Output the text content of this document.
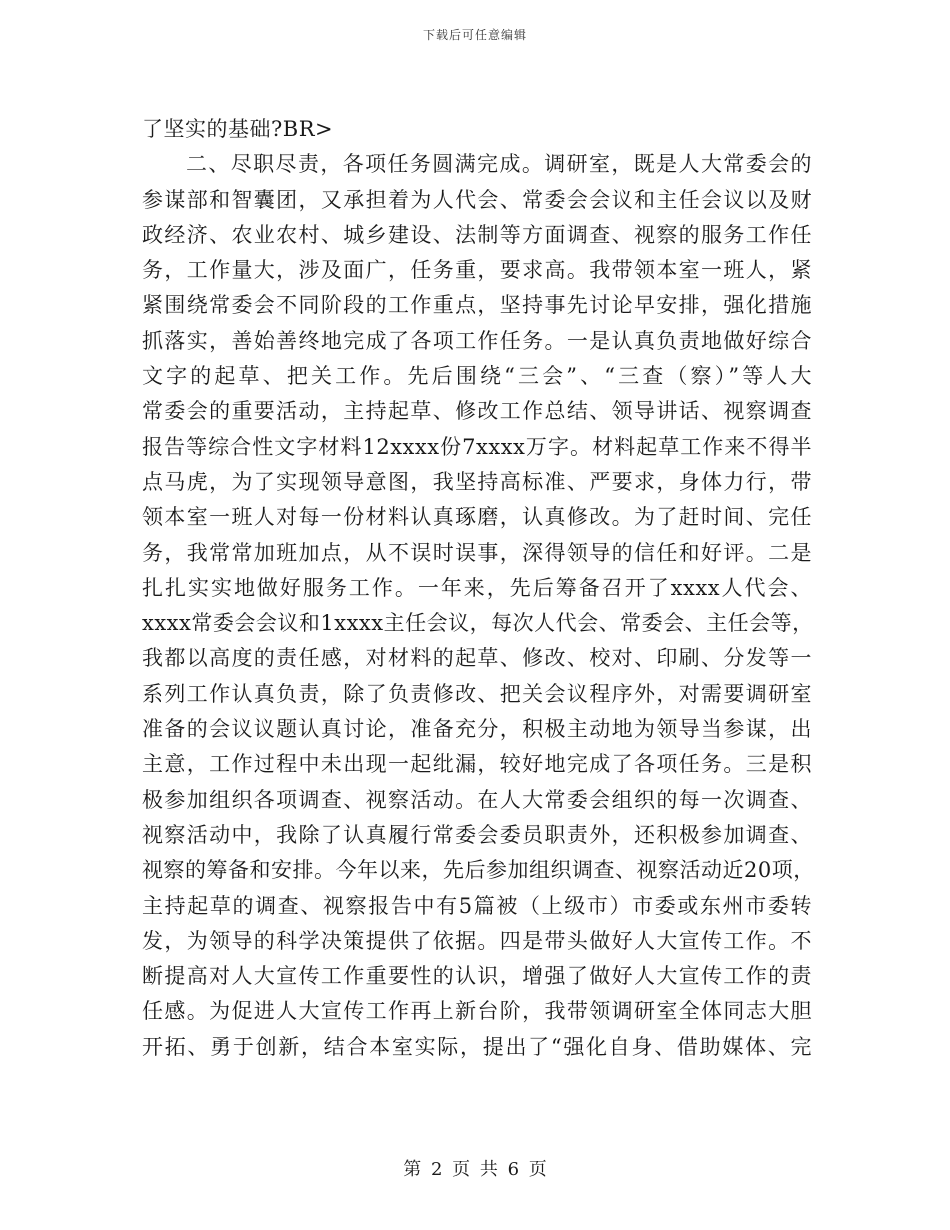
下载后可任意编辑
了坚实的基础?BR>
二、尽职尽责，各项任务圆满完成。调研室，既是人大常委会的
参谋部和智囊团，又承担着为人代会、常委会会议和主任会议以及财
政经济、农业农村、城乡建设、法制等方面调查、视察的服务工作任
务，工作量大，涉及面广，任务重，要求高。我带领本室一班人，紧
紧围绕常委会不同阶段的工作重点，坚持事先讨论早安排，强化措施
抓落实，善始善终地完成了各项工作任务。一是认真负责地做好综合
文字的起草、把关工作。先后围绕“三会”、“三查（察）”等人大
常委会的重要活动，主持起草、修改工作总结、领导讲话、视察调查
报告等综合性文字材料12xxxx份7xxxx万字。材料起草工作来不得半
点马虎，为了实现领导意图，我坚持高标准、严要求，身体力行，带
领本室一班人对每一份材料认真琢磨，认真修改。为了赶时间、完任
务，我常常加班加点，从不误时误事，深得领导的信任和好评。二是
扎扎实实地做好服务工作。一年来，先后筹备召开了xxxx人代会、
xxxx常委会会议和1xxxx主任会议，每次人代会、常委会、主任会等，
我都以高度的责任感，对材料的起草、修改、校对、印刷、分发等一
系列工作认真负责，除了负责修改、把关会议程序外，对需要调研室
准备的会议议题认真讨论，准备充分，积极主动地为领导当参谋，出
主意，工作过程中未出现一起纰漏，较好地完成了各项任务。三是积
极参加组织各项调查、视察活动。在人大常委会组织的每一次调查、
视察活动中，我除了认真履行常委会委员职责外，还积极参加调查、
视察的筹备和安排。今年以来，先后参加组织调查、视察活动近20项，
主持起草的调查、视察报告中有5篇被（上级市）市委或东州市委转
发，为领导的科学决策提供了依据。四是带头做好人大宣传工作。不
断提高对人大宣传工作重要性的认识，增强了做好人大宣传工作的责
任感。为促进人大宣传工作再上新台阶，我带领调研室全体同志大胆
开拓、勇于创新，结合本室实际，提出了“强化自身、借助媒体、完
第 2 页 共 6 页
